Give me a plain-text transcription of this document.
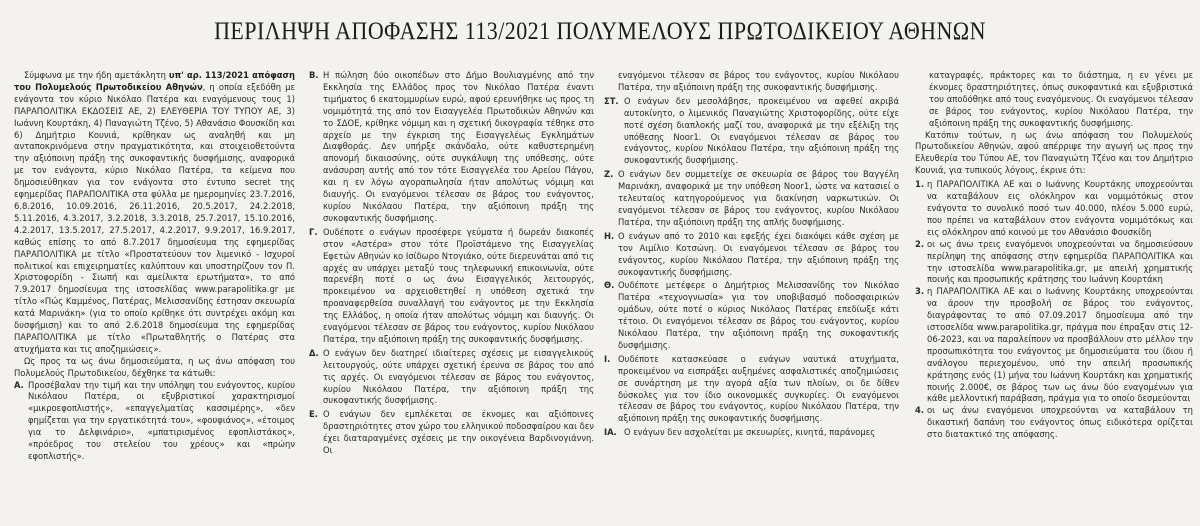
ΠΕΡΙΛΗΨΗ ΑΠΟΦΑΣΗΣ 113/2021 ΠΟΛΥΜΕΛΟΥΣ ΠΡΩΤΟΔΙΚΕΙΟΥ ΑΘΗΝΩΝ

Σύμφωνα με την ήδη αμετάκλητη υπ' αρ. 113/2021 απόφαση του Πολυμελούς Πρωτοδικείου Αθηνών, η οποία εξεδόθη με ενάγοντα τον κύριο Νικόλαο Πατέρα και εναγόμενους τους 1) ΠΑΡΑΠΟΛΙΤΙΚΑ ΕΚΔΟΣΕΙΣ ΑΕ, 2) ΕΛΕΥΘΕΡΙΑ ΤΟΥ ΤΥΠΟΥ ΑΕ, 3) Ιωάννη Κουρτάκη, 4) Παναγιώτη Τζένο, 5) Αθανάσιο Φουσκίδη και 6) Δημήτριο Κουνιά, κρίθηκαν ως αναληθή και μη ανταποκρινόμενα στην πραγματικότητα, και στοιχειοθετούντα την αξιόποινη πράξη της συκοφαντικής δυσφήμισης, αναφορικά με τον ενάγοντα, κύριο Νικόλαο Πατέρα, τα κείμενα που δημοσιεύθηκαν για τον ενάγοντα στο έντυπο secret της εφημερίδας ΠΑΡΑΠΟΛΙΤΙΚΑ στα φύλλα με ημερομηνίες 23.7.2016, 6.8.2016, 10.09.2016, 26.11.2016, 20.5.2017, 24.2.2018, 5.11.2016, 4.3.2017, 3.2.2018, 3.3.2018, 25.7.2017, 15.10.2016, 4.2.2017, 13.5.2017, 27.5.2017, 4.2.2017, 9.9.2017, 16.9.2017, καθώς επίσης το από 8.7.2017 δημοσίευμα της εφημερίδας ΠΑΡΑΠΟΛΙΤΙΚΑ με τίτλο «Προστατεύουν τον λιμενικό - Ισχυροί πολιτικοί και επιχειρηματίες καλύπτουν και υποστηρίζουν τον Π. Χριστοφορίδη - Σιωπή και αμείλικτα ερωτήματα», το από 7.9.2017 δημοσίευμα της ιστοσελίδας www.parapolitika.gr με τίτλο «Πώς Καμμένος, Πατέρας, Μελισσανίδης έστησαν σκευωρία κατά Μαρινάκη» (για το οποίο κρίθηκε ότι συντρέχει ακόμη και δυσφήμιση) και το από 2.6.2018 δημοσίευμα της εφημερίδας ΠΑΡΑΠΟΛΙΤΙΚΑ με τίτλο «Πρωταθλητής ο Πατέρας στα ατυχήματα και τις αποζημιώσεις».

Ως προς τα ως άνω δημοσιεύματα, η ως άνω απόφαση του Πολυμελούς Πρωτοδικείου, δέχθηκε τα κάτωθι:

Α. Προσέβαλαν την τιμή και την υπόληψη του ενάγοντος, κυρίου Νικόλαου Πατέρα, οι εξυβριστικοί χαρακτηρισμοί «μικροεφοπλιστής», «επαγγελματίας κασσιμέρης», «δεν φημίζεται για την εργατικότητά του», «φουφιάνος», «έτοιμος για το Δελφινάριο», «μπατιρισμένος εφοπλιστάκος», «πρόεδρος του στελείου του χρέους» και «πρώην εφοπλιστής».
Β. Η πώληση δύο οικοπέδων στο Δήμο Βουλιαγμένης από την Εκκλησία της Ελλάδος προς τον Νικόλαο Πατέρα έναντι τιμήματος 6 εκατομμυρίων ευρώ, αφού ερευνήθηκε ως προς τη νομιμότητά της από τον Εισαγγελέα Πρωτοδικών Αθηνών και το ΣΔΟΕ, κρίθηκε νόμιμη και η σχετική δικογραφία τέθηκε στο αρχείο με την έγκριση της Εισαγγελέως Εγκλημάτων Διαφθοράς. Δεν υπήρξε σκάνδαλο, ούτε καθυστερημένη απονομή δικαιοσύνης, ούτε συγκάλυψη της υπόθεσης, ούτε ανάσυρση αυτής από τον τότε Εισαγγελέα του Αρείου Πάγου, και η εν λόγω αγοραπωλησία ήταν απολύτως νόμιμη και διαυγής. Οι εναγόμενοι τέλεσαν σε βάρος του ενάγοντος, κυρίου Νικόλαου Πατέρα, την αξιόποινη πράξη της συκοφαντικής δυσφήμισης.
Γ. Ουδέποτε ο ενάγων προσέφερε γεύματα ή δωρεάν διακοπές στον «Αστέρα» στον τότε Προϊστάμενο της Εισαγγελίας Εφετών Αθηνών κο Ισίδωρο Ντογιάκο, ούτε διερευνάται από τις αρχές αν υπάρχει μεταξύ τους τηλεφωνική επικοινωνία, ούτε παρενέβη ποτέ ο ως άνω Εισαγγελικός λειτουργός, προκειμένου να αρχειοθετηθεί η υπόθεση σχετικά την προαναφερθείσα συναλλαγή του ενάγοντος με την Εκκλησία της Ελλάδος, η οποία ήταν απολύτως νόμιμη και διαυγής. Οι εναγόμενοι τέλεσαν σε βάρος του ενάγοντος, κυρίου Νικόλαου Πατέρα, την αξιόποινη πράξη της συκοφαντικής δυσφήμισης.
Δ. Ο ενάγων δεν διατηρεί ιδιαίτερες σχέσεις με εισαγγελικούς λειτουργούς, ούτε υπάρχει σχετική έρευνα σε βάρος του από τις αρχές. Οι εναγόμενοι τέλεσαν σε βάρος του ενάγοντος, κυρίου Νικόλαου Πατέρα, την αξιόποινη πράξη της συκοφαντικής δυσφήμισης.
Ε. Ο ενάγων δεν εμπλέκεται σε έκνομες και αξιόποινες δραστηριότητες στον χώρο του ελληνικού ποδοσφαίρου και δεν έχει διαταραγμένες σχέσεις με την οικογένεια Βαρδινογιάννη. Οι

εναγόμενοι τέλεσαν σε βάρος του ενάγοντος, κυρίου Νικόλαου Πατέρα, την αξιόποινη πράξη της συκοφαντικής δυσφήμισης.

ΣΤ. Ο ενάγων δεν μεσολάβησε, προκειμένου να αφεθεί ακριβά αυτοκίνητο, ο λιμενικός Παναγιώτης Χριστοφορίδης, ούτε είχε ποτέ σχέση διαπλοκής μαζί του, αναφορικά με την εξέλιξη της υπόθεσης Noor1. Οι εναγόμενοι τέλεσαν σε βάρος του ενάγοντος, κυρίου Νικόλαου Πατέρα, την αξιόποινη πράξη της συκοφαντικής δυσφήμισης.
Ζ. Ο ενάγων δεν συμμετείχε σε σκευωρία σε βάρος του Βαγγέλη Μαρινάκη, αναφορικά με την υπόθεση Noor1, ώστε να κατασιεί ο τελευταίος κατηγορούμενος για διακίνηση ναρκωτικών. Οι εναγόμενοι τέλεσαν σε βάρος του ενάγοντος, κυρίου Νικόλαου Πατέρα, την αξιόποινη πράξη της απλής δυσφήμισης.
Η. Ο ενάγων από το 2010 και εφεξής έχει διακόψει κάθε σχέση με τον Αιμίλιο Κοτσώνη. Οι εναγόμενοι τέλεσαν σε βάρος του ενάγοντος, κυρίου Νικόλαου Πατέρα, την αξιόποινη πράξη της συκοφαντικής δυσφήμισης.
Θ. Ουδέποτε μετέφερε ο Δημήτριος Μελισσανίδης τον Νικόλαο Πατέρα «τεχνογνωσία» για τον υποβιβασμό ποδοσφαιρικών ομάδων, ούτε ποτέ ο κύριος Νικόλαος Πατέρας επεδίωξε κάτι τέτοιο. Οι εναγόμενοι τέλεσαν σε βάρος του ενάγοντος, κυρίου Νικόλαου Πατέρα, την αξιόποινη πράξη της συκοφαντικής δυσφήμισης.
Ι. Ουδέποτε κατασκεύασε ο ενάγων ναυτικά ατυχήματα, προκειμένου να εισπράξει αυξημένες ασφαλιστικές αποζημιώσεις σε συνάρτηση με την αγορά αξία των πλοίων, οι δε δίθεν δύσκολες για τον ίδιο οικονομικές συγκυρίες. Οι εναγόμενοι τέλεσαν σε βάρος του ενάγοντος, κυρίου Νικόλαου Πατέρα, την αξιόποινη πράξη της συκοφαντικής δυσφήμισης.
ΙΑ. Ο ενάγων δεν ασχολείται με σκευωρίες, κινητά, παράνομες

καταγραφές, πράκτορες και το διάστημα, η εν γένει με έκνομες δραστηριότητες, όπως συκοφαντικά και εξυβριστικά του αποδόθηκε από τους εναγόμενους. Οι εναγόμενοι τέλεσαν σε βάρος του ενάγοντος, κυρίου Νικόλαου Πατέρα, την αξιόποινη πράξη της συκοφαντικής δυσφήμισης.

Κατόπιν τούτων, η ως άνω απόφαση του Πολυμελούς Πρωτοδικείου Αθηνών, αφού απέρριψε την αγωγή ως προς την Ελευθερία του Τύπου ΑΕ, τον Παναγιώτη Τζένο και τον Δημήτριο Κουνιά, για τυπικούς λόγους, έκρινε ότι:

1. η ΠΑΡΑΠΟΛΙΤΙΚΑ ΑΕ και ο Ιωάννης Κουρτάκης υποχρεούνται να καταβάλουν εις ολόκληρον και νομιμότόκως στον ενάγοντα το συνολικό ποσό των 40.000, πλέον 5.000 ευρώ, που πρέπει να καταβάλουν στον ενάγοντα νομιμότόκως και εις ολόκληρον από κοινού με τον Αθανάσιο Φουσκίδη
2. οι ως άνω τρεις εναγόμενοι υποχρεούνται να δημοσιεύσουν περίληψη της απόφασης στην εφημερίδα ΠΑΡΑΠΟΛΙΤΙΚΑ και την ιστοσελίδα www.parapolitika.gr, με απειλή χρηματικής ποινής και προσωπικής κράτησης του Ιωάννη Κουρτάκη
3. η ΠΑΡΑΠΟΛΙΤΙΚΑ ΑΕ και ο Ιωάννης Κουρτάκης υποχρεούνται να άρουν την προσβολή σε βάρος του ενάγοντος, διαγράφοντας το από 07.09.2017 δημοσίευμα από την ιστοσελίδα www.parapolitika.gr, πράγμα που έπραξαν στις 12-06-2023, και να παραλείπουν να προσβάλλουν στο μέλλον την προσωπικότητα του ενάγοντος με δημοσιεύματα του ίδιου ή ανάλογου περιεχομένου, υπό την απειλή προσωπικής κράτησης ενός (1) μήνα του Ιωάννη Κουρτάκη και χρηματικής ποινής 2.000€, σε βάρος των ως άνω δύο εναγομένων για κάθε μελλοντική παράβαση, πράγμα για το οποίο δεσμεύονται
4. οι ως άνω εναγόμενοι υποχρεούνται να καταβάλουν τη δικαστική δαπάνη του ενάγοντος όπως ειδικότερα ορίζεται στο διατακτικό της απόφασης.
